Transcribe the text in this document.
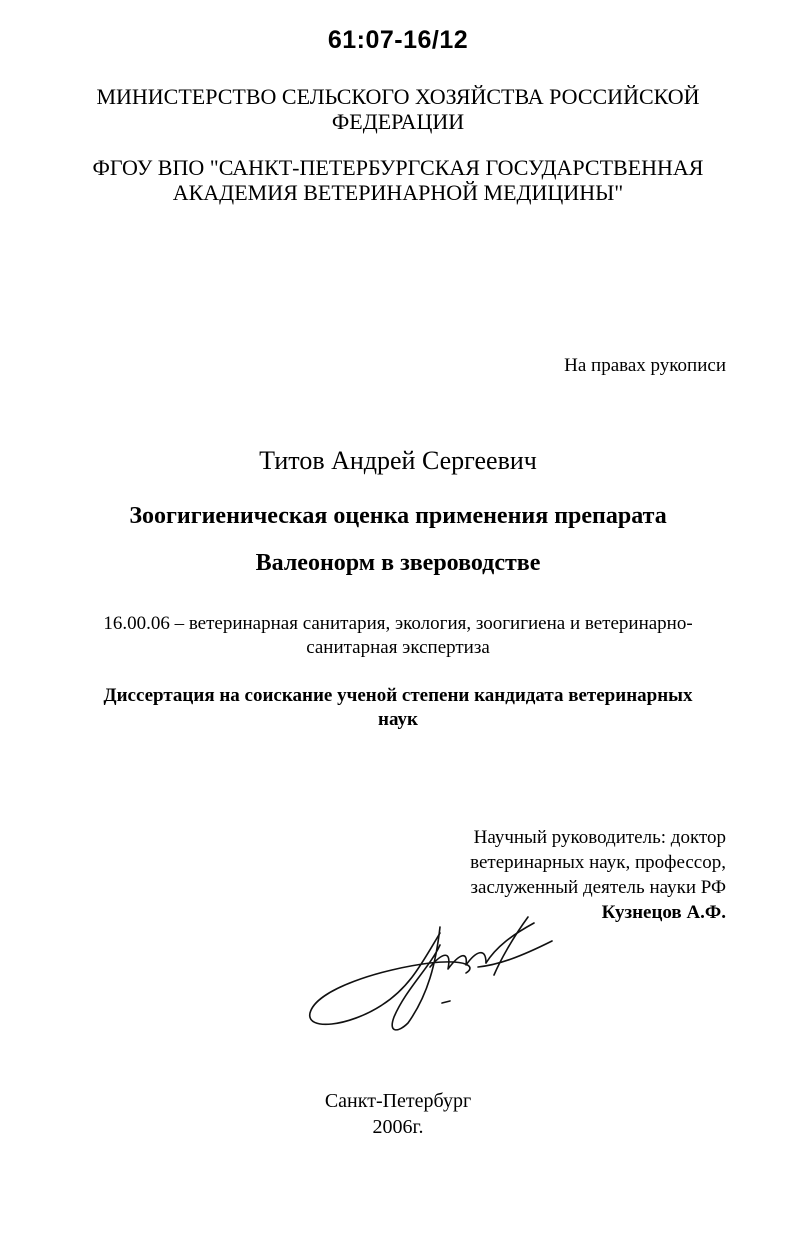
61:07-16/12
МИНИСТЕРСТВО СЕЛЬСКОГО ХОЗЯЙСТВА РОССИЙСКОЙ
ФЕДЕРАЦИИ
ФГОУ ВПО "САНКТ-ПЕТЕРБУРГСКАЯ ГОСУДАРСТВЕННАЯ
АКАДЕМИЯ ВЕТЕРИНАРНОЙ МЕДИЦИНЫ"
На правах рукописи
Титов Андрей Сергеевич
Зоогигиеническая оценка применения препарата
Валеонорм в звероводстве
16.00.06 – ветеринарная санитария, экология, зоогигиена и ветеринарно-
санитарная экспертиза
Диссертация на соискание ученой степени кандидата ветеринарных
наук
Научный руководитель: доктор
ветеринарных наук, профессор,
заслуженный деятель науки РФ
Кузнецов А.Ф.
Санкт-Петербург
2006г.
